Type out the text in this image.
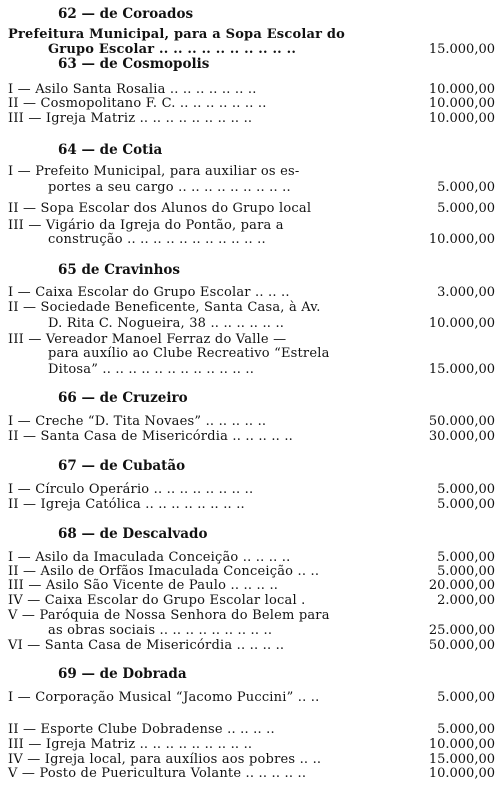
62 — de Coroados
Prefeitura Municipal, para a Sopa Escolar do
Grupo Escolar .. .. .. .. .. .. .. .. .. ..	15.000,00
63 — de Cosmopolis
I — Asilo Santa Rosalia .. .. .. .. .. .. ..	10.000,00
II — Cosmopolitano F. C. .. .. .. .. .. .. ..	10.000,00
III — Igreja Matriz .. .. .. .. .. .. .. .. ..	10.000,00
64 — de Cotia
I — Prefeito Municipal, para auxiliar os es-
portes a seu cargo .. .. .. .. .. .. .. .. ..	5.000,00
II — Sopa Escolar dos Alunos do Grupo local	5.000,00
III — Vigário da Igreja do Pontão, para a
construção .. .. .. .. .. .. .. .. .. .. ..	10.000,00
65 de Cravinhos
I — Caixa Escolar do Grupo Escolar .. .. ..	3.000,00
II — Sociedade Beneficente, Santa Casa, à Av.
D. Rita C. Nogueira, 38 .. .. .. .. .. ..	10.000,00
III — Vereador Manoel Ferraz do Valle —
para auxílio ao Clube Recreativo “Estrela
Ditosa” .. .. .. .. .. .. .. .. .. .. .. ..	15.000,00
66 — de Cruzeiro
I — Creche “D. Tita Novaes” .. .. .. .. ..	50.000,00
II — Santa Casa de Misericórdia .. .. .. .. ..	30.000,00
67 — de Cubatão
I — Círculo Operário .. .. .. .. .. .. .. ..	5.000,00
II — Igreja Católica .. .. .. .. .. .. .. ..	5.000,00
68 — de Descalvado
I — Asilo da Imaculada Conceição .. .. .. ..	5.000,00
II — Asilo de Orfãos Imaculada Conceição .. ..	5.000,00
III — Asilo São Vicente de Paulo .. .. .. ..	20.000,00
IV — Caixa Escolar do Grupo Escolar local .	2.000,00
V — Paróquia de Nossa Senhora do Belem para
as obras sociais .. .. .. .. .. .. .. .. ..	25.000,00
VI — Santa Casa de Misericórdia .. .. .. ..	50.000,00
69 — de Dobrada
I — Corporação Musical “Jacomo Puccini” .. ..	5.000,00
II — Esporte Clube Dobradense .. .. .. ..	5.000,00
III — Igreja Matriz .. .. .. .. .. .. .. .. ..	10.000,00
IV — Igreja local, para auxílios aos pobres .. ..	15.000,00
V — Posto de Puericultura Volante .. .. .. .. ..	10.000,00
